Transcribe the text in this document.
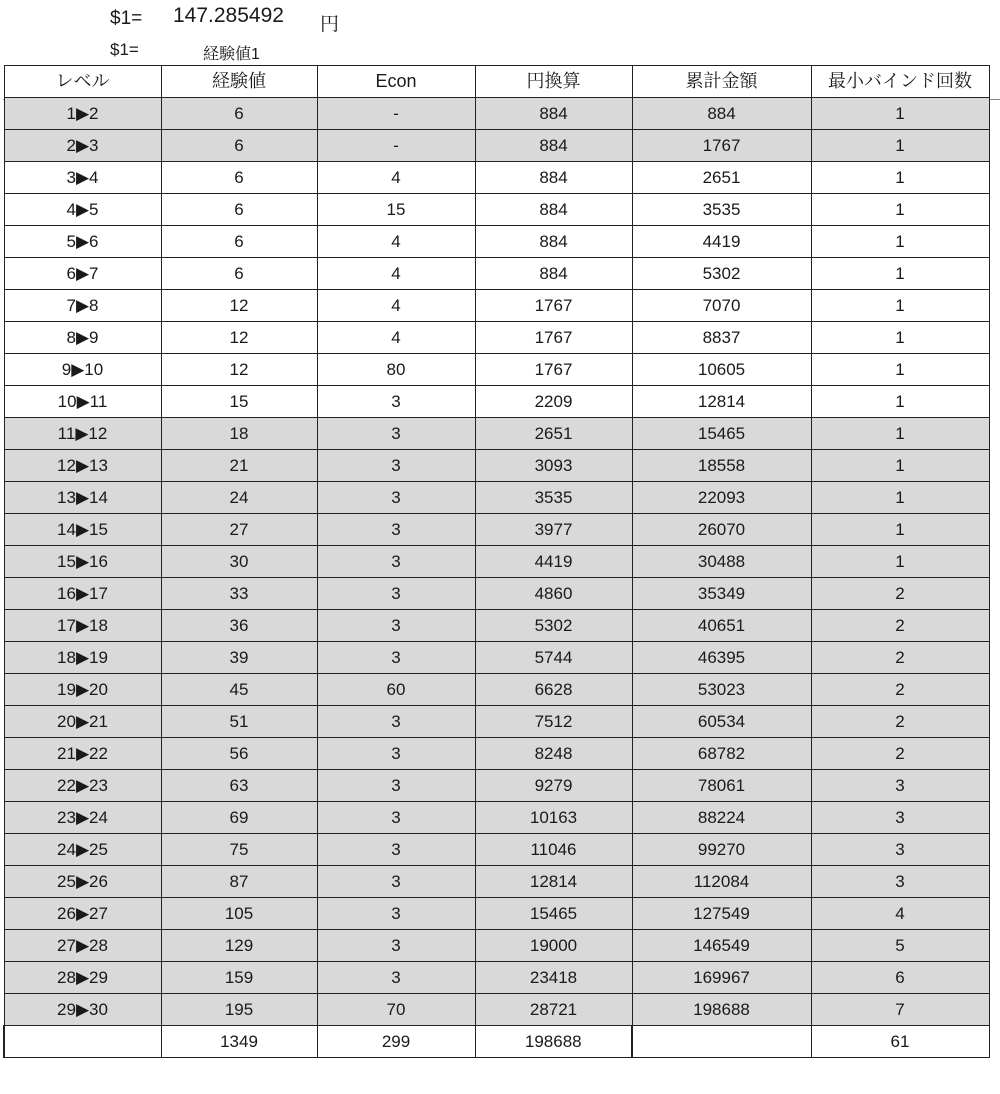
$1= 147.285492 円
$1=	経験値1
レベル	経験値	Econ	円換算	累計金額	最小バインド回数
1▶2	6	-	884	884	1
2▶3	6	-	884	1767	1
3▶4	6	4	884	2651	1
4▶5	6	15	884	3535	1
5▶6	6	4	884	4419	1
6▶7	6	4	884	5302	1
7▶8	12	4	1767	7070	1
8▶9	12	4	1767	8837	1
9▶10	12	80	1767	10605	1
10▶11	15	3	2209	12814	1
11▶12	18	3	2651	15465	1
12▶13	21	3	3093	18558	1
13▶14	24	3	3535	22093	1
14▶15	27	3	3977	26070	1
15▶16	30	3	4419	30488	1
16▶17	33	3	4860	35349	2
17▶18	36	3	5302	40651	2
18▶19	39	3	5744	46395	2
19▶20	45	60	6628	53023	2
20▶21	51	3	7512	60534	2
21▶22	56	3	8248	68782	2
22▶23	63	3	9279	78061	3
23▶24	69	3	10163	88224	3
24▶25	75	3	11046	99270	3
25▶26	87	3	12814	112084	3
26▶27	105	3	15465	127549	4
27▶28	129	3	19000	146549	5
28▶29	159	3	23418	169967	6
29▶30	195	70	28721	198688	7
	1349	299	198688		61
